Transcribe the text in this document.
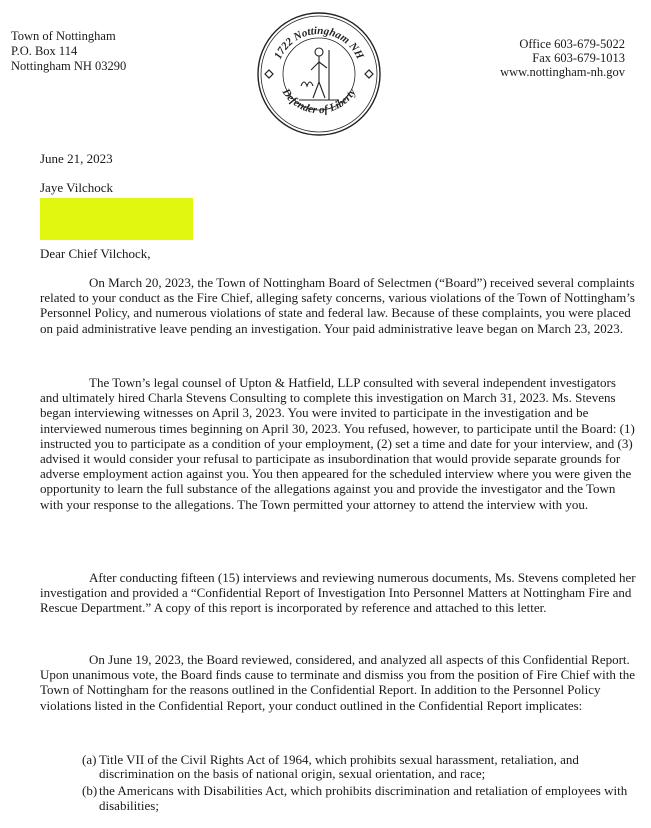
Town of Nottingham
P.O. Box 114
Nottingham NH 03290
1722 Nottingham NH
Defender of Liberty
Office 603-679-5022
Fax 603-679-1013
www.nottingham-nh.gov
June 21, 2023
Jaye Vilchock
Dear Chief Vilchock,

On March 20, 2023, the Town of Nottingham Board of Selectmen (“Board”) received several complaints related to your conduct as the Fire Chief, alleging safety concerns, various violations of the Town of Nottingham’s Personnel Policy, and numerous violations of state and federal law. Because of these complaints, you were placed on paid administrative leave pending an investigation. Your paid administrative leave began on March 23, 2023.

The Town’s legal counsel of Upton & Hatfield, LLP consulted with several independent investigators and ultimately hired Charla Stevens Consulting to complete this investigation on March 31, 2023. Ms. Stevens began interviewing witnesses on April 3, 2023. You were invited to participate in the investigation and be interviewed numerous times beginning on April 30, 2023. You refused, however, to participate until the Board: (1) instructed you to participate as a condition of your employment, (2) set a time and date for your interview, and (3) advised it would consider your refusal to participate as insubordination that would provide separate grounds for adverse employment action against you. You then appeared for the scheduled interview where you were given the opportunity to learn the full substance of the allegations against you and provide the investigator and the Town with your response to the allegations. The Town permitted your attorney to attend the interview with you.

After conducting fifteen (15) interviews and reviewing numerous documents, Ms. Stevens completed her investigation and provided a “Confidential Report of Investigation Into Personnel Matters at Nottingham Fire and Rescue Department.” A copy of this report is incorporated by reference and attached to this letter.

On June 19, 2023, the Board reviewed, considered, and analyzed all aspects of this Confidential Report. Upon unanimous vote, the Board finds cause to terminate and dismiss you from the position of Fire Chief with the Town of Nottingham for the reasons outlined in the Confidential Report. In addition to the Personnel Policy violations listed in the Confidential Report, your conduct outlined in the Confidential Report implicates:

(a) Title VII of the Civil Rights Act of 1964, which prohibits sexual harassment, retaliation, and discrimination on the basis of national origin, sexual orientation, and race;
(b) the Americans with Disabilities Act, which prohibits discrimination and retaliation of employees with disabilities;
